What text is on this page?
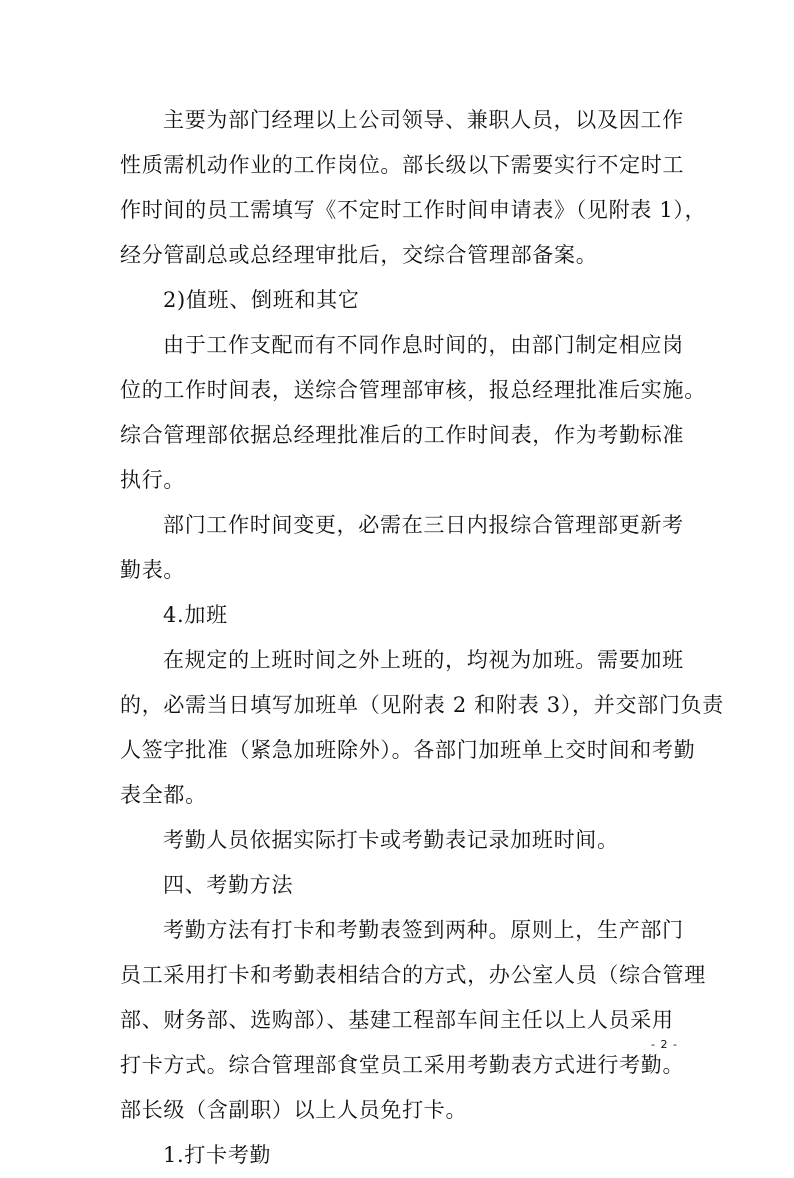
主要为部门经理以上公司领导、兼职人员，以及因工作
性质需机动作业的工作岗位。部长级以下需要实行不定时工
作时间的员工需填写《不定时工作时间申请表》（见附表 1），
经分管副总或总经理审批后，交综合管理部备案。
2)值班、倒班和其它
由于工作支配而有不同作息时间的，由部门制定相应岗
位的工作时间表，送综合管理部审核，报总经理批准后实施。
综合管理部依据总经理批准后的工作时间表，作为考勤标准
执行。
部门工作时间变更，必需在三日内报综合管理部更新考
勤表。
4.加班
在规定的上班时间之外上班的，均视为加班。需要加班
的，必需当日填写加班单（见附表 2 和附表 3），并交部门负责
人签字批准（紧急加班除外）。各部门加班单上交时间和考勤
表全都。
考勤人员依据实际打卡或考勤表记录加班时间。
四、考勤方法
考勤方法有打卡和考勤表签到两种。原则上，生产部门
员工采用打卡和考勤表相结合的方式，办公室人员（综合管理
部、财务部、选购部）、基建工程部车间主任以上人员采用
打卡方式。综合管理部食堂员工采用考勤表方式进行考勤。
部长级（含副职）以上人员免打卡。
1.打卡考勤
- 2 -
